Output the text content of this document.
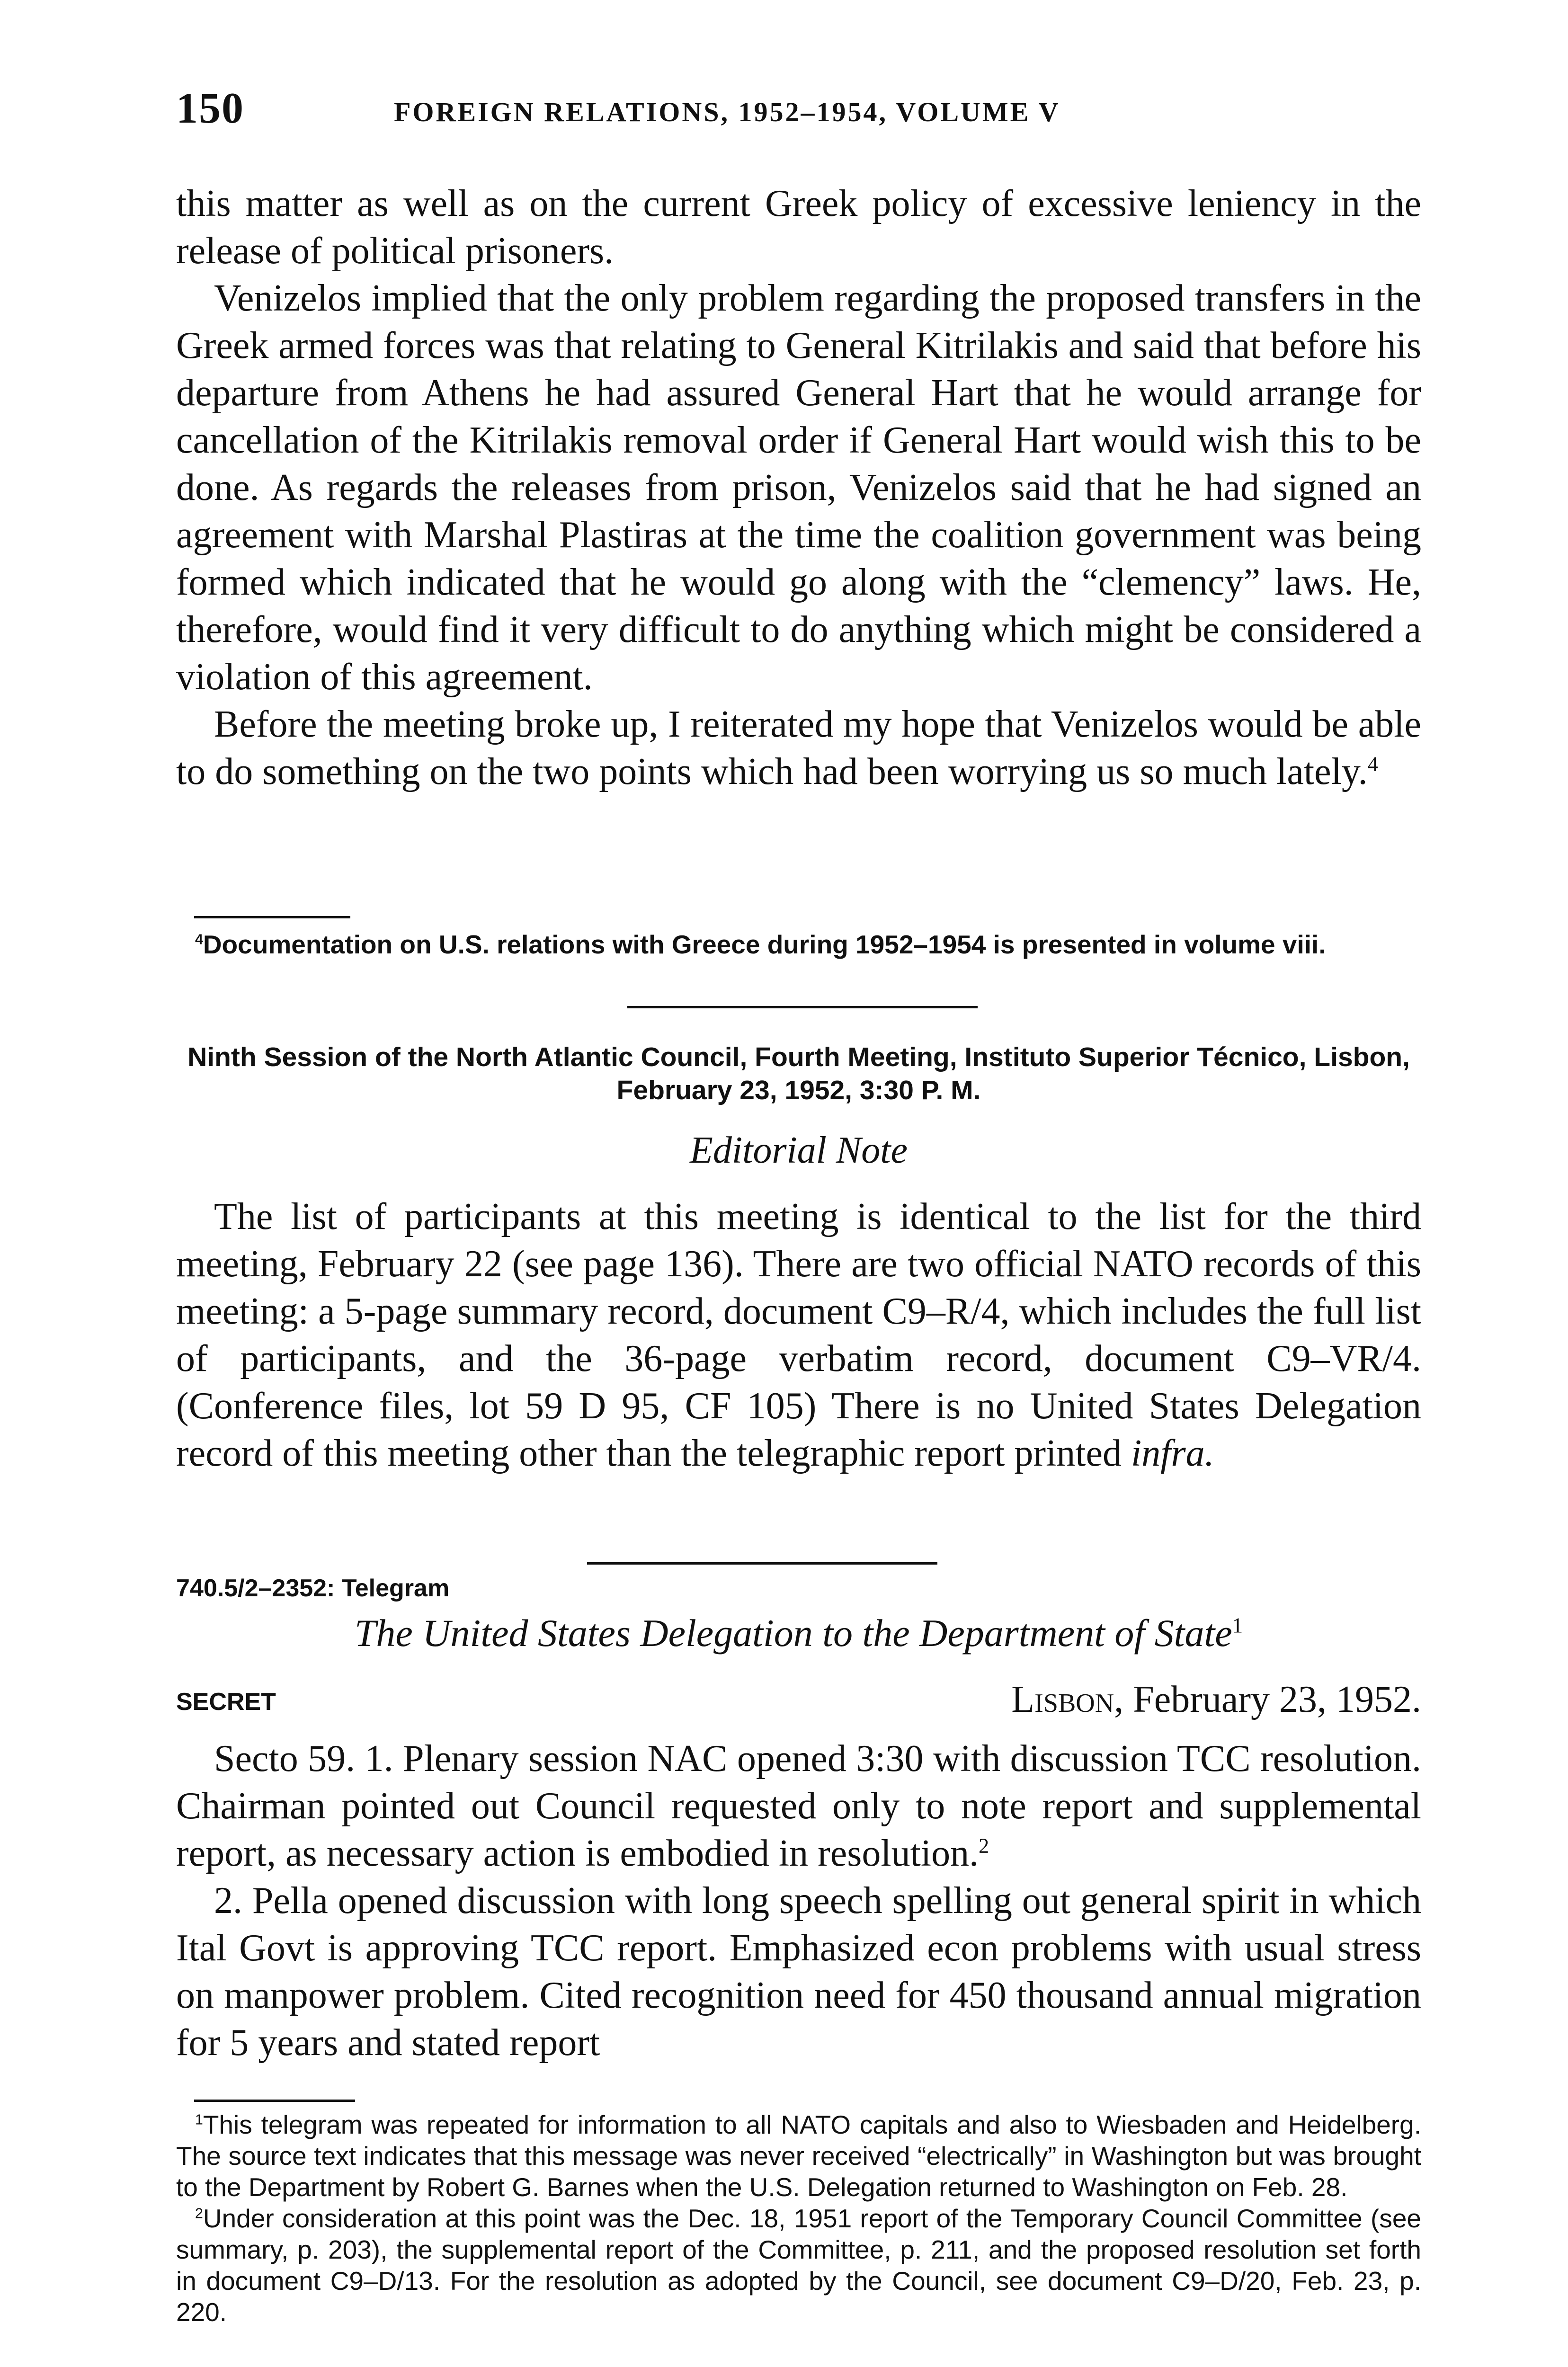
150	FOREIGN RELATIONS, 1952–1954, VOLUME V

this matter as well as on the current Greek policy of excessive leniency in the release of political prisoners.

Venizelos implied that the only problem regarding the proposed transfers in the Greek armed forces was that relating to General Kitrilakis and said that before his departure from Athens he had assured General Hart that he would arrange for cancellation of the Kitrilakis removal order if General Hart would wish this to be done. As regards the releases from prison, Venizelos said that he had signed an agreement with Marshal Plastiras at the time the coalition government was being formed which indicated that he would go along with the “clemency” laws. He, therefore, would find it very difficult to do anything which might be considered a violation of this agreement.

Before the meeting broke up, I reiterated my hope that Venizelos would be able to do something on the two points which had been worrying us so much lately.$^4$

$^4$Documentation on U.S. relations with Greece during 1952–1954 is presented in volume viii.

Ninth Session of the North Atlantic Council, Fourth Meeting, Instituto Superior Técnico, Lisbon, February 23, 1952, 3:30 P. M.

Editorial Note

The list of participants at this meeting is identical to the list for the third meeting, February 22 (see page 136). There are two official NATO records of this meeting: a 5-page summary record, document C9–R/4, which includes the full list of participants, and the 36-page verbatim record, document C9–VR/4. (Conference files, lot 59 D 95, CF 105) There is no United States Delegation record of this meeting other than the telegraphic report printed infra.

740.5/2–2352: Telegram

The United States Delegation to the Department of State$^1$

SECRET	Lisbon, February 23, 1952.

Secto 59. 1. Plenary session NAC opened 3:30 with discussion TCC resolution. Chairman pointed out Council requested only to note report and supplemental report, as necessary action is embodied in resolution.$^2$

2. Pella opened discussion with long speech spelling out general spirit in which Ital Govt is approving TCC report. Emphasized econ problems with usual stress on manpower problem. Cited recognition need for 450 thousand annual migration for 5 years and stated report

$^1$This telegram was repeated for information to all NATO capitals and also to Wiesbaden and Heidelberg. The source text indicates that this message was never received “electrically” in Washington but was brought to the Department by Robert G. Barnes when the U.S. Delegation returned to Washington on Feb. 28.

$^2$Under consideration at this point was the Dec. 18, 1951 report of the Temporary Council Committee (see summary, p. 203), the supplemental report of the Committee, p. 211, and the proposed resolution set forth in document C9–D/13. For the resolution as adopted by the Council, see document C9–D/20, Feb. 23, p. 220.
